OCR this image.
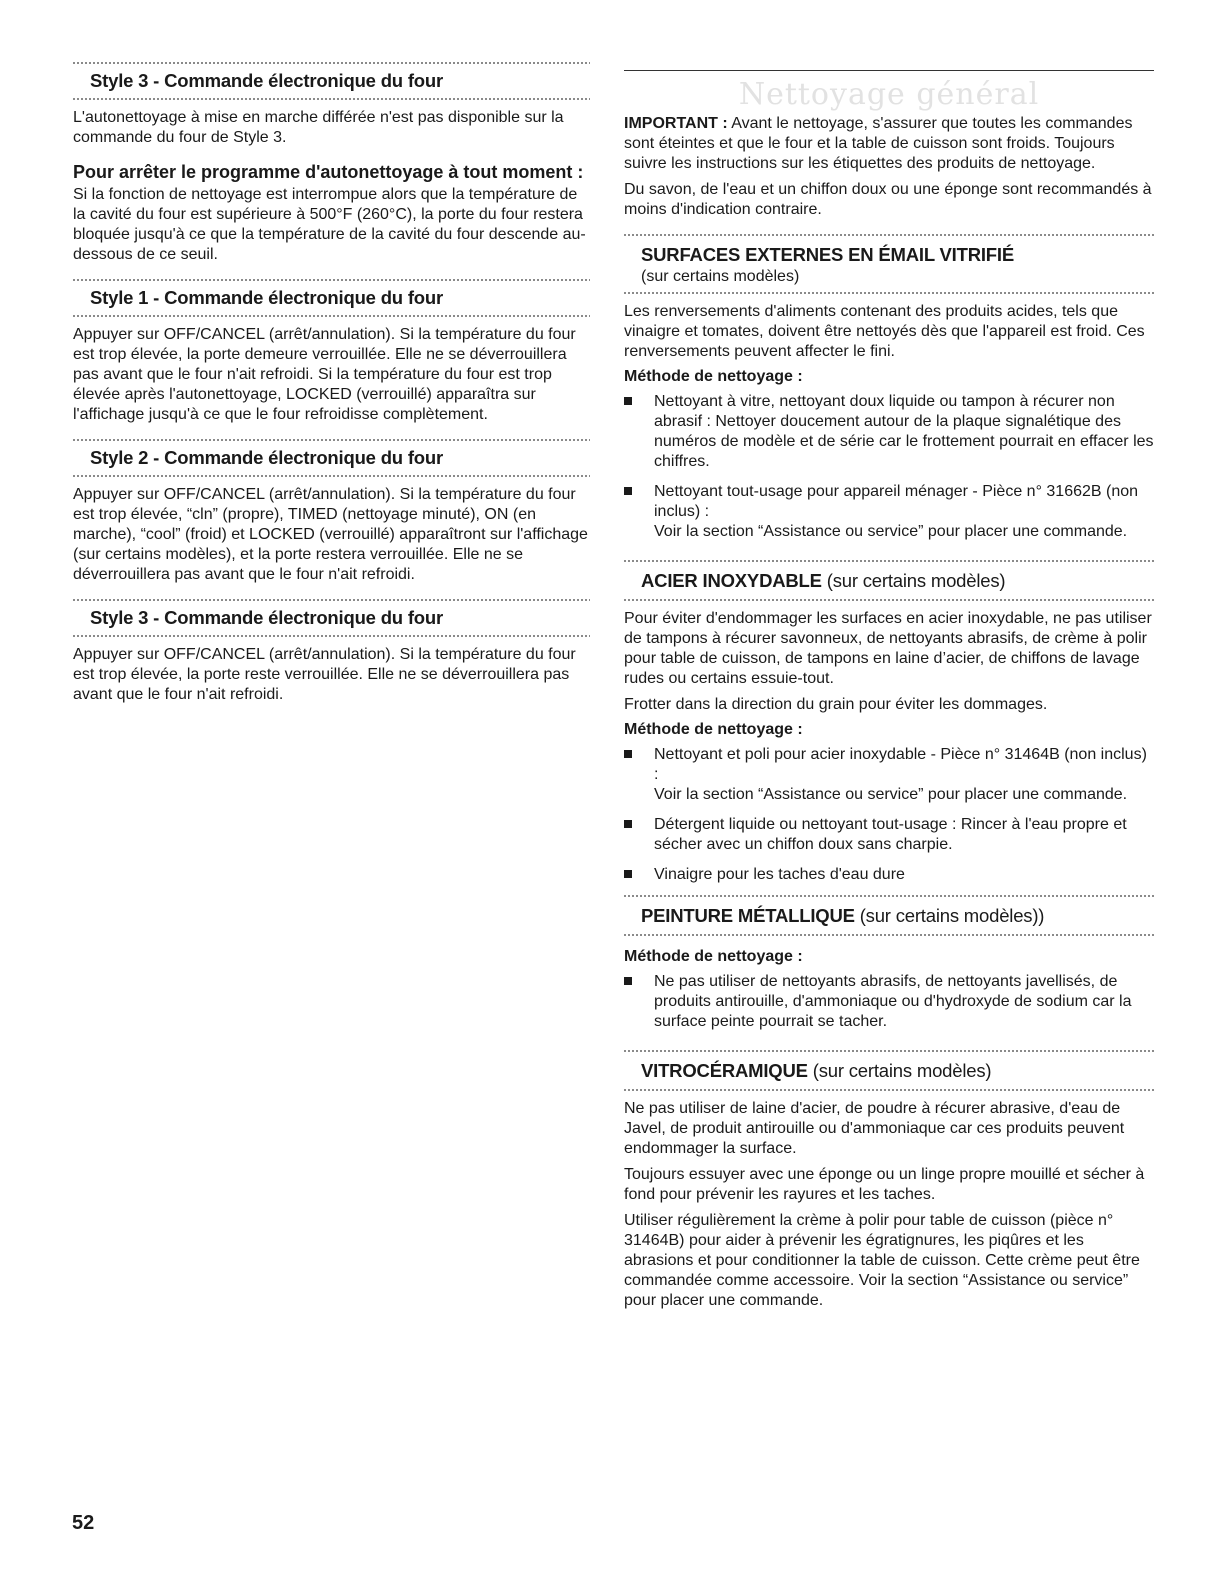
Style 3 - Commande électronique du four

L'autonettoyage à mise en marche différée n'est pas disponible sur la commande du four de Style 3.

Pour arrêter le programme d'autonettoyage à tout moment :

Si la fonction de nettoyage est interrompue alors que la température de la cavité du four est supérieure à 500°F (260°C), la porte du four restera bloquée jusqu'à ce que la température de la cavité du four descende au-dessous de ce seuil.

Style 1 - Commande électronique du four

Appuyer sur OFF/CANCEL (arrêt/annulation). Si la température du four est trop élevée, la porte demeure verrouillée. Elle ne se déverrouillera pas avant que le four n'ait refroidi. Si la température du four est trop élevée après l'autonettoyage, LOCKED (verrouillé) apparaîtra sur l'affichage jusqu'à ce que le four refroidisse complètement.

Style 2 - Commande électronique du four

Appuyer sur OFF/CANCEL (arrêt/annulation). Si la température du four est trop élevée, “cln” (propre), TIMED (nettoyage minuté), ON (en marche), “cool” (froid) et LOCKED (verrouillé) apparaîtront sur l'affichage (sur certains modèles), et la porte restera verrouillée. Elle ne se déverrouillera pas avant que le four n'ait refroidi.

Style 3 - Commande électronique du four

Appuyer sur OFF/CANCEL (arrêt/annulation). Si la température du four est trop élevée, la porte reste verrouillée. Elle ne se déverrouillera pas avant que le four n'ait refroidi.

Nettoyage général

IMPORTANT : Avant le nettoyage, s'assurer que toutes les commandes sont éteintes et que le four et la table de cuisson sont froids. Toujours suivre les instructions sur les étiquettes des produits de nettoyage.

Du savon, de l'eau et un chiffon doux ou une éponge sont recommandés à moins d'indication contraire.

SURFACES EXTERNES EN ÉMAIL VITRIFIÉ
(sur certains modèles)

Les renversements d'aliments contenant des produits acides, tels que vinaigre et tomates, doivent être nettoyés dès que l'appareil est froid. Ces renversements peuvent affecter le fini.

Méthode de nettoyage :
Nettoyant à vitre, nettoyant doux liquide ou tampon à récurer non abrasif : Nettoyer doucement autour de la plaque signalétique des numéros de modèle et de série car le frottement pourrait en effacer les chiffres.
Nettoyant tout-usage pour appareil ménager - Pièce n° 31662B (non inclus) :
Voir la section “Assistance ou service” pour placer une commande.
ACIER INOXYDABLE (sur certains modèles)

Pour éviter d'endommager les surfaces en acier inoxydable, ne pas utiliser de tampons à récurer savonneux, de nettoyants abrasifs, de crème à polir pour table de cuisson, de tampons en laine d’acier, de chiffons de lavage rudes ou certains essuie-tout.

Frotter dans la direction du grain pour éviter les dommages.

Méthode de nettoyage :
Nettoyant et poli pour acier inoxydable - Pièce n° 31464B (non inclus) :
Voir la section “Assistance ou service” pour placer une commande.
Détergent liquide ou nettoyant tout-usage : Rincer à l'eau propre et sécher avec un chiffon doux sans charpie.
Vinaigre pour les taches d'eau dure
PEINTURE MÉTALLIQUE (sur certains modèles))
Méthode de nettoyage :
Ne pas utiliser de nettoyants abrasifs, de nettoyants javellisés, de produits antirouille, d'ammoniaque ou d'hydroxyde de sodium car la surface peinte pourrait se tacher.
VITROCÉRAMIQUE (sur certains modèles)

Ne pas utiliser de laine d'acier, de poudre à récurer abrasive, d'eau de Javel, de produit antirouille ou d'ammoniaque car ces produits peuvent endommager la surface.

Toujours essuyer avec une éponge ou un linge propre mouillé et sécher à fond pour prévenir les rayures et les taches.

Utiliser régulièrement la crème à polir pour table de cuisson (pièce n° 31464B) pour aider à prévenir les égratignures, les piqûres et les abrasions et pour conditionner la table de cuisson. Cette crème peut être commandée comme accessoire. Voir la section “Assistance ou service” pour placer une commande.

52
